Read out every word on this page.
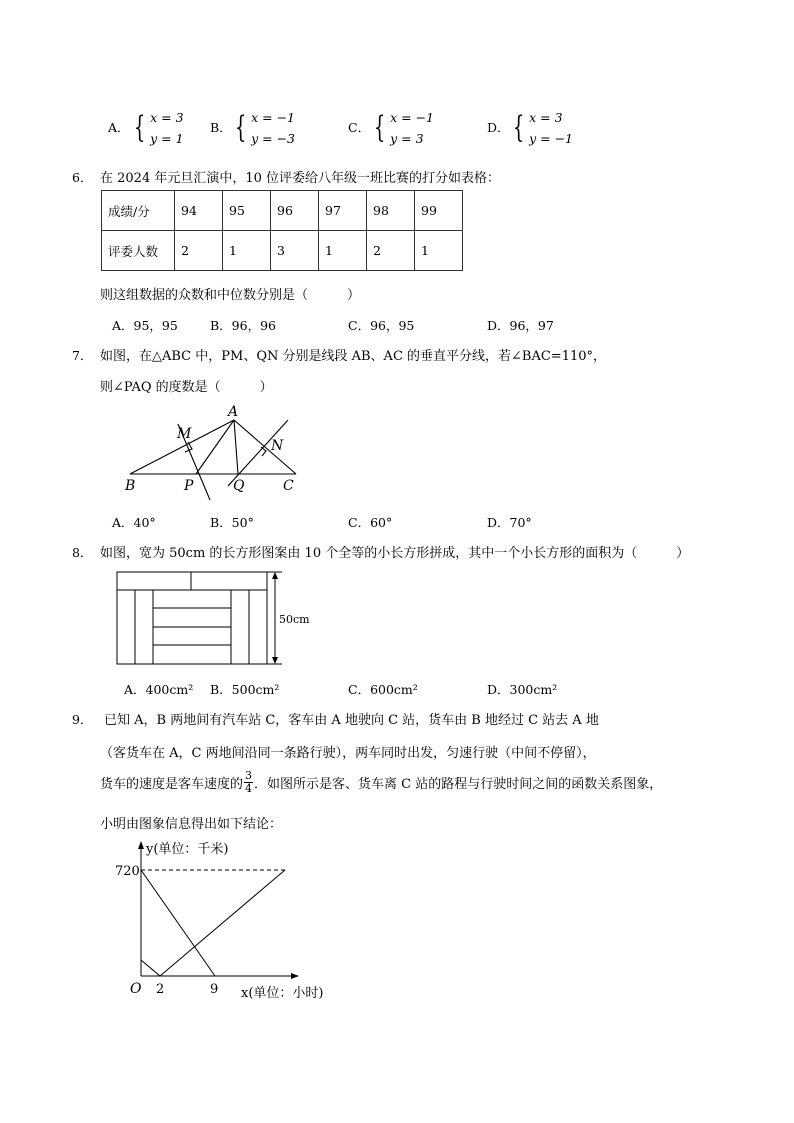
A． { x = 3
y = 1
B． { x = −1
y = −3
C． { x = −1
y = 3
D． { x = 3
y = −1
6． 在 2024 年元旦汇演中，10 位评委给八年级一班比赛的打分如表格：
成绩/分	94	95	96	97	98	99
评委人数	2	1	3	1	2	1
则这组数据的众数和中位数分别是（　　　）
A．95，95	B．96，96	C．96，95	D．96，97
7． 如图，在△ABC 中，PM、QN 分别是线段 AB、AC 的垂直平分线，若∠BAC=110°，
则∠PAQ 的度数是（　　　）
A
M
N
B	P	Q	C
A．40°	B．50°	C．60°	D．70°
8． 如图，宽为 50cm 的长方形图案由 10 个全等的小长方形拼成，其中一个小长方形的面积为（　　　）
50cm
A．400cm² B．500cm²	C．600cm²	D．300cm²
9． 已知 A，B 两地间有汽车站 C，客车由 A 地驶向 C 站，货车由 B 地经过 C 站去 A 地
（客货车在 A，C 两地间沿同一条路行驶），两车同时出发，匀速行驶（中间不停留），
货车的速度是客车速度的 $\frac{3}{4}$ ．如图所示是客、货车离 C 站的路程与行驶时间之间的函数关系图象，
小明由图象信息得出如下结论：
y(单位：千米)
720
O 2	9 x(单位：小时)
